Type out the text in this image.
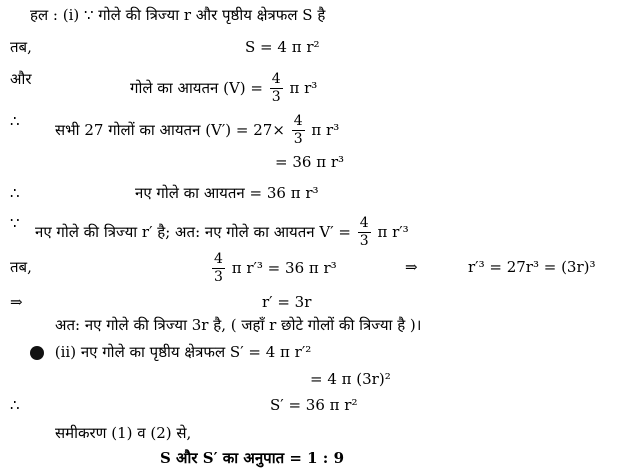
हल : (i) ∵ गोले की त्रिज्या r और पृष्ठीय क्षेत्रफल S है
तब,	S = 4 π r²
और	गोले का आयतन $(V) = \frac{4}{3}$ π r³
∴ सभी 27 गोलों का आयतन $(V') = 27\times \frac{4}{3}$ π r³
= 36 π r³
∴	नए गोले का आयतन = 36 π r³
∵ नए गोले की त्रिज्या r′ है; अत: नए गोले का आयतन $V' = \frac{4}{3}$ π r′³
तब,	$\frac{4}{3}$ π r′³ = 36 π r³	⇒	r′³ = 27r³ = (3r)³
⇒	r′ = 3r
अत: नए गोले की त्रिज्या 3r है, ( जहाँ r छोटे गोलों की त्रिज्या है )।
(ii) नए गोले का पृष्ठीय क्षेत्रफल S′ = 4 π r′²
= 4 π (3r)²
∴	S′ = 36 π r²
समीकरण (1) व (2) से,
S और S′ का अनुपात = 1 : 9
